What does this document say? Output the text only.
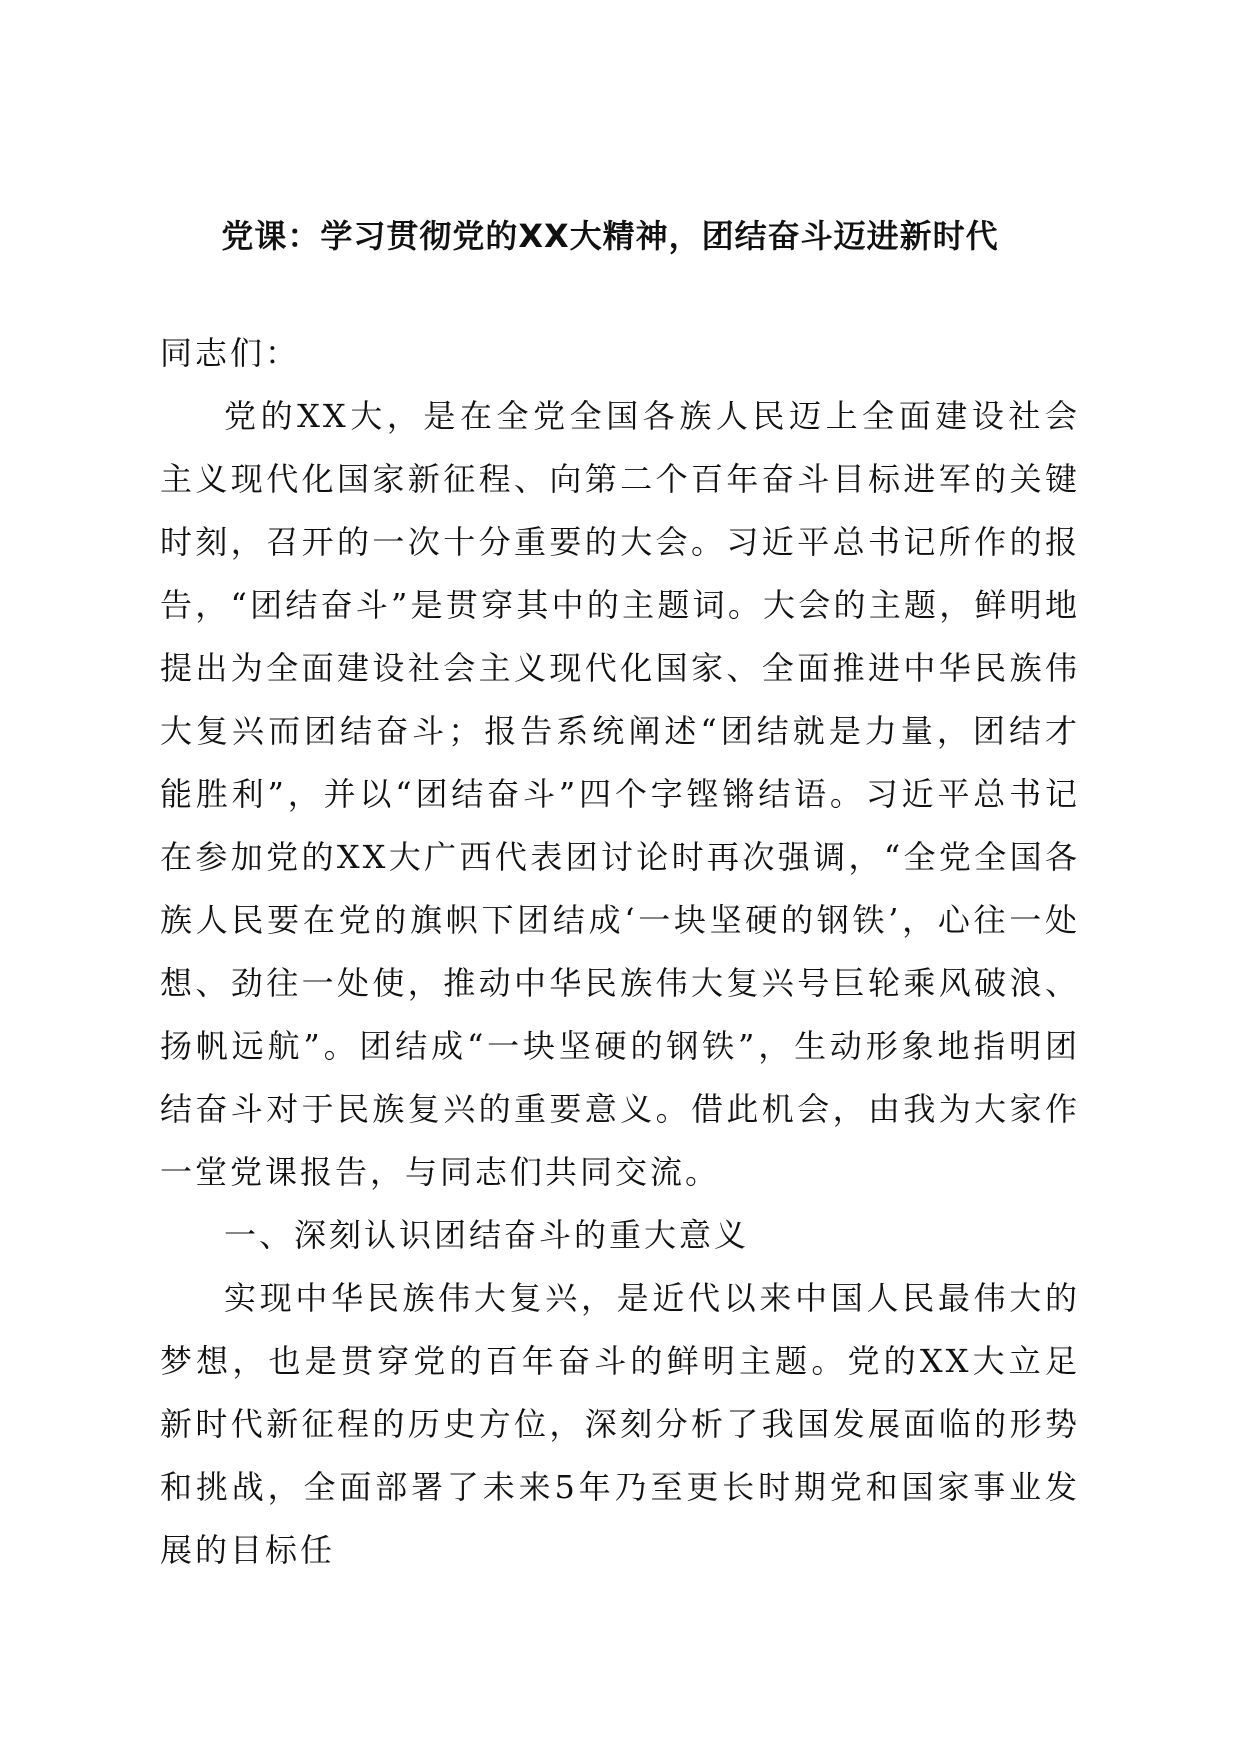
党课：学习贯彻党的XX大精神，团结奋斗迈进新时代

同志们：

党的XX大，是在全党全国各族人民迈上全面建设社会主义现代化国家新征程、向第二个百年奋斗目标进军的关键时刻，召开的一次十分重要的大会。习近平总书记所作的报告，“团结奋斗”是贯穿其中的主题词。大会的主题，鲜明地提出为全面建设社会主义现代化国家、全面推进中华民族伟大复兴而团结奋斗；报告系统阐述“团结就是力量，团结才能胜利”，并以“团结奋斗”四个字铿锵结语。习近平总书记在参加党的XX大广西代表团讨论时再次强调，“全党全国各族人民要在党的旗帜下团结成‘一块坚硬的钢铁’，心往一处想、劲往一处使，推动中华民族伟大复兴号巨轮乘风破浪、扬帆远航”。团结成“一块坚硬的钢铁”，生动形象地指明团结奋斗对于民族复兴的重要意义。借此机会，由我为大家作一堂党课报告，与同志们共同交流。

一、深刻认识团结奋斗的重大意义

实现中华民族伟大复兴，是近代以来中国人民最伟大的梦想，也是贯穿党的百年奋斗的鲜明主题。党的XX大立足新时代新征程的历史方位，深刻分析了我国发展面临的形势和挑战，全面部署了未来5年乃至更长时期党和国家事业发展的目标任
